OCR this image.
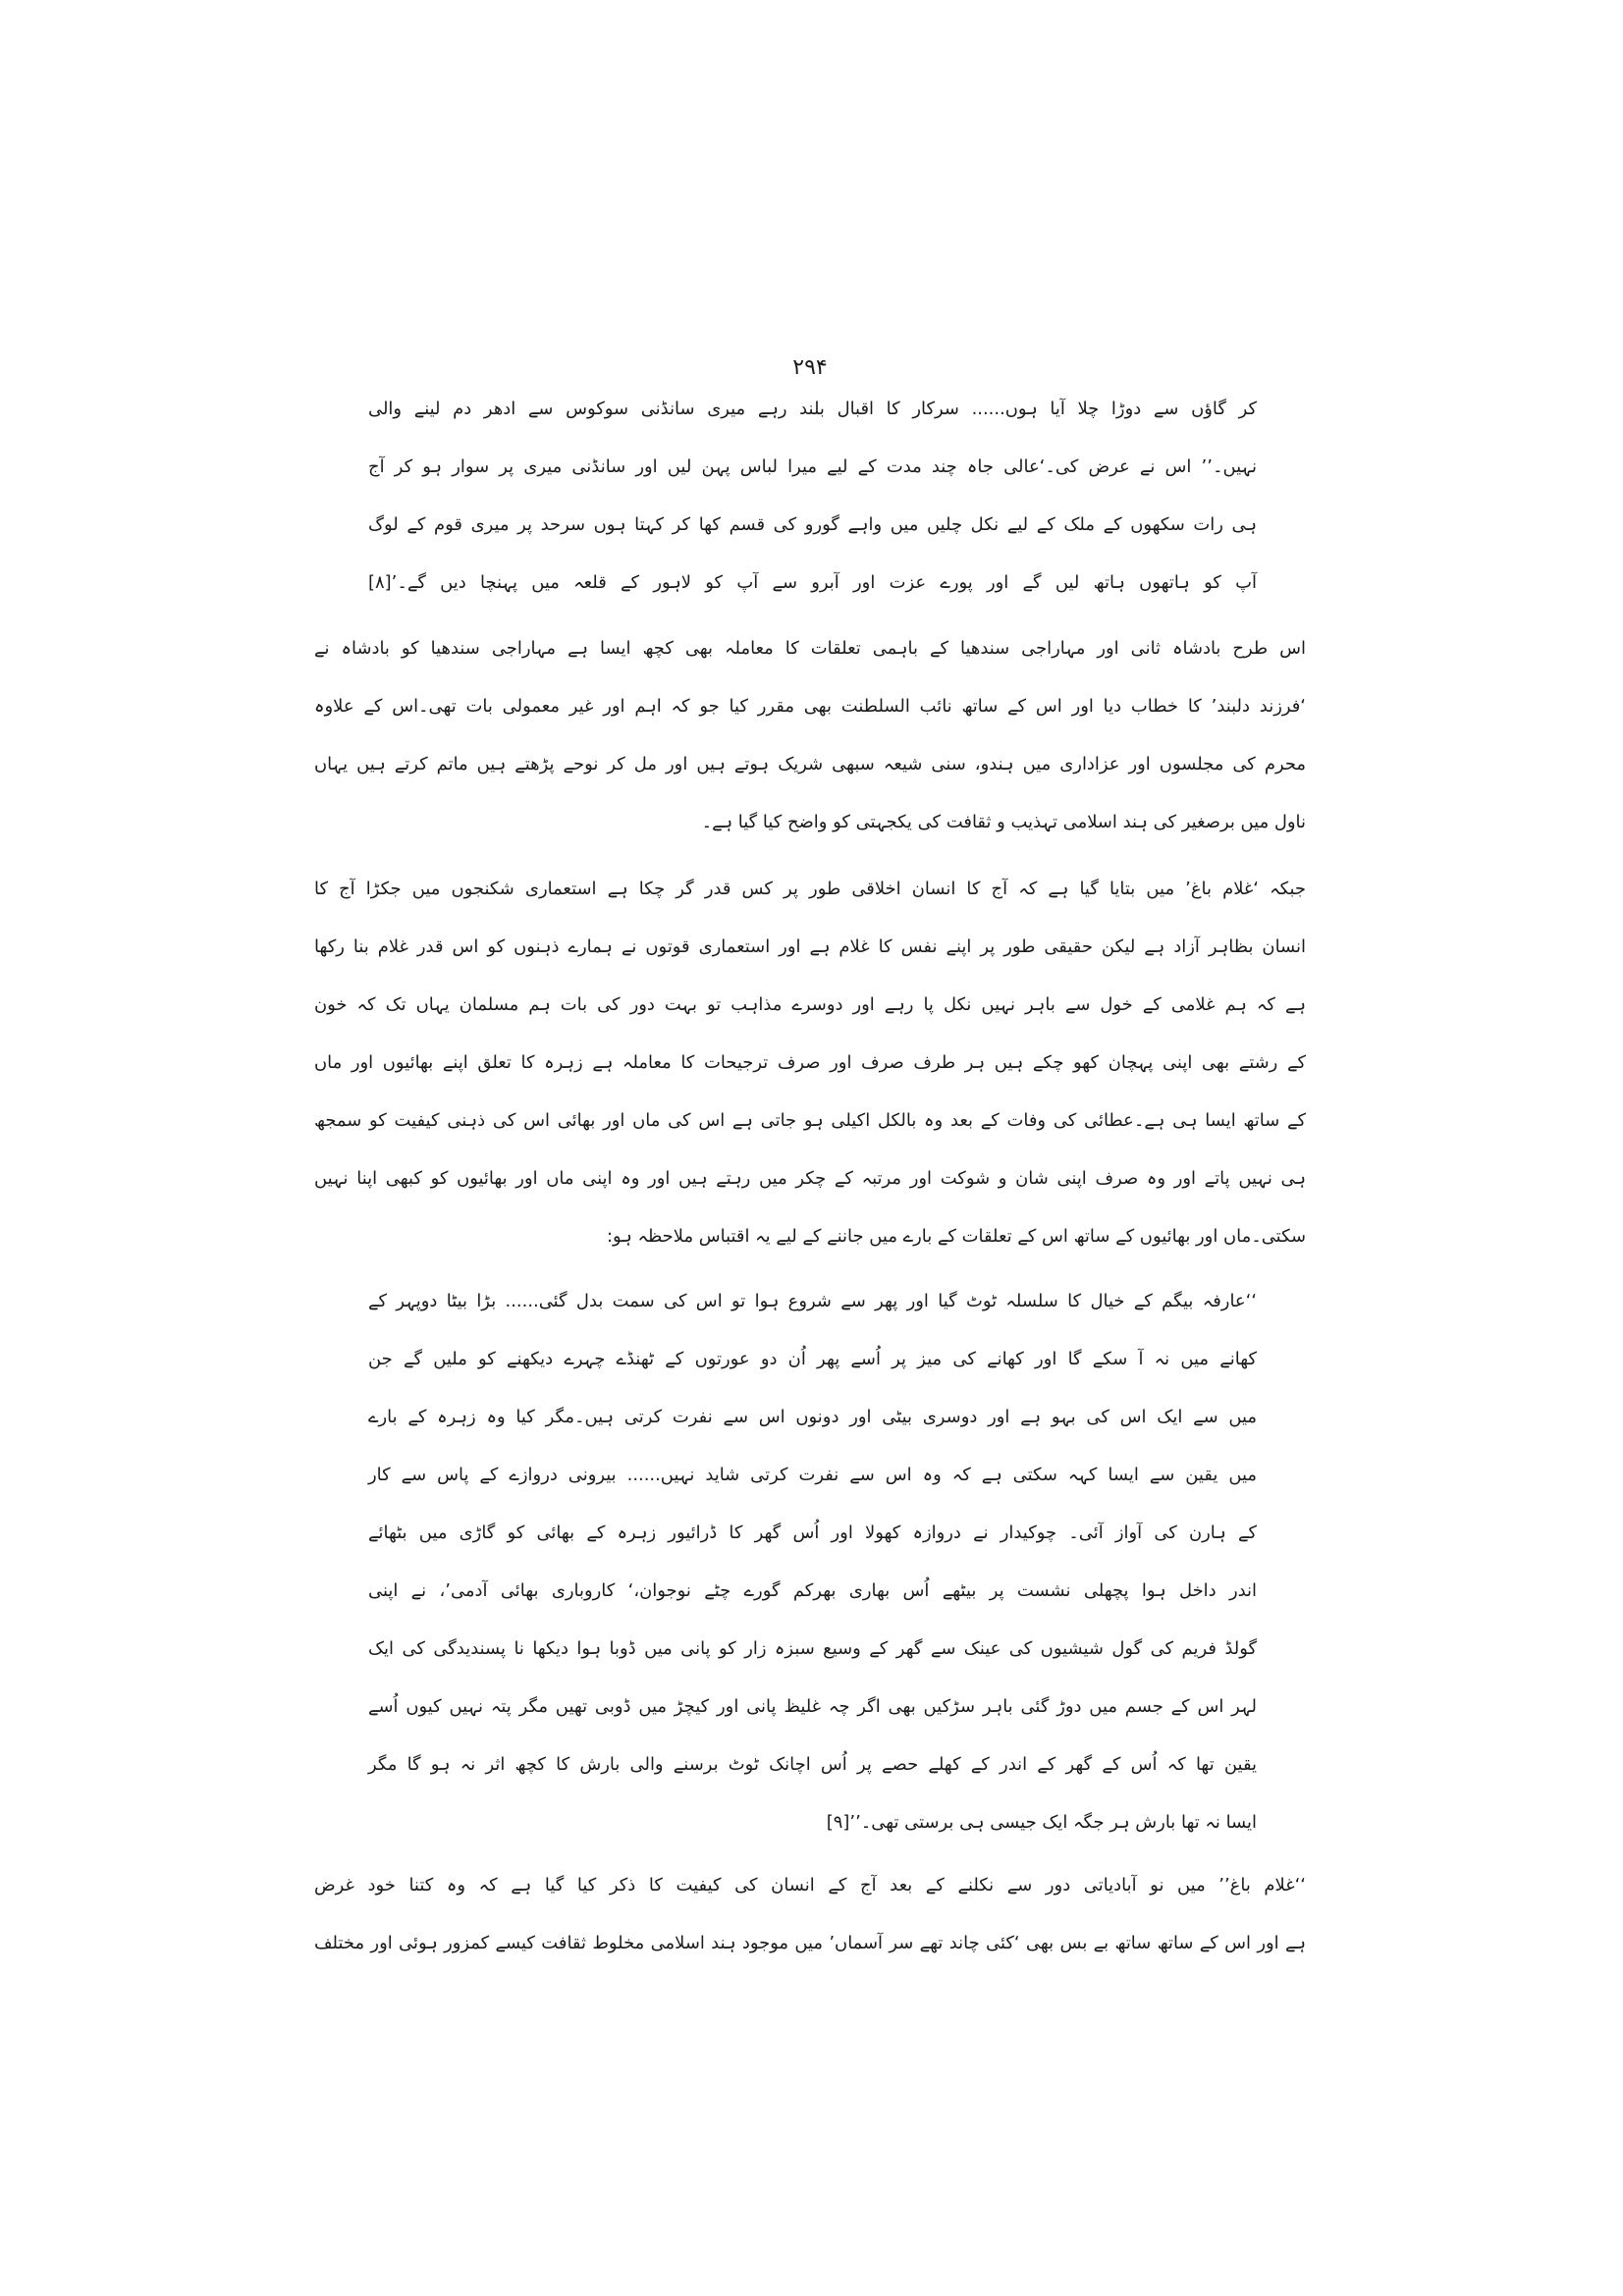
۲۹۴
کر گاؤں سے دوڑا چلا آیا ہوں...... سرکار کا اقبال بلند رہے میری سانڈنی سوکوس سے ادھر دم لینے والی
نہیں۔’’ اس نے عرض کی۔‘عالی جاہ چند مدت کے لیے میرا لباس پہن لیں اور سانڈنی میری پر سوار ہو کر آج
ہی رات سکھوں کے ملک کے لیے نکل چلیں میں واہے گورو کی قسم کھا کر کہتا ہوں سرحد پر میری قوم کے لوگ
آپ کو ہاتھوں ہاتھ لیں گے اور پورے عزت اور آبرو سے آپ کو لاہور کے قلعہ میں پہنچا دیں گے۔’[۸]
اس طرح بادشاہ ثانی اور مہاراجی سندھیا کے باہمی تعلقات کا معاملہ بھی کچھ ایسا ہے مہاراجی سندھیا کو بادشاہ نے
‘فرزند دلبند’ کا خطاب دیا اور اس کے ساتھ نائب السلطنت بھی مقرر کیا جو کہ اہم اور غیر معمولی بات تھی۔اس کے علاوہ
محرم کی مجلسوں اور عزاداری میں ہندو، سنی شیعہ سبھی شریک ہوتے ہیں اور مل کر نوحے پڑھتے ہیں ماتم کرتے ہیں یہاں
ناول میں برصغیر کی ہند اسلامی تہذیب و ثقافت کی یکجہتی کو واضح کیا گیا ہے۔
جبکہ ‘غلام باغ’ میں بتایا گیا ہے کہ آج کا انسان اخلاقی طور پر کس قدر گر چکا ہے استعماری شکنجوں میں جکڑا آج کا
انسان بظاہر آزاد ہے لیکن حقیقی طور پر اپنے نفس کا غلام ہے اور استعماری قوتوں نے ہمارے ذہنوں کو اس قدر غلام بنا رکھا
ہے کہ ہم غلامی کے خول سے باہر نہیں نکل پا رہے اور دوسرے مذاہب تو بہت دور کی بات ہم مسلمان یہاں تک کہ خون
کے رشتے بھی اپنی پہچان کھو چکے ہیں ہر طرف صرف اور صرف ترجیحات کا معاملہ ہے زہرہ کا تعلق اپنے بھائیوں اور ماں
کے ساتھ ایسا ہی ہے۔عطائی کی وفات کے بعد وہ بالکل اکیلی ہو جاتی ہے اس کی ماں اور بھائی اس کی ذہنی کیفیت کو سمجھ
ہی نہیں پاتے اور وہ صرف اپنی شان و شوکت اور مرتبہ کے چکر میں رہتے ہیں اور وہ اپنی ماں اور بھائیوں کو کبھی اپنا نہیں
سکتی۔ماں اور بھائیوں کے ساتھ اس کے تعلقات کے بارے میں جاننے کے لیے یہ اقتباس ملاحظہ ہو:
‘‘عارفہ بیگم کے خیال کا سلسلہ ٹوٹ گیا اور پھر سے شروع ہوا تو اس کی سمت بدل گئی...... بڑا بیٹا دوپہر کے
کھانے میں نہ آ سکے گا اور کھانے کی میز پر اُسے پھر اُن دو عورتوں کے ٹھنڈے چہرے دیکھنے کو ملیں گے جن
میں سے ایک اس کی بہو ہے اور دوسری بیٹی اور دونوں اس سے نفرت کرتی ہیں۔مگر کیا وہ زہرہ کے بارے
میں یقین سے ایسا کہہ سکتی ہے کہ وہ اس سے نفرت کرتی شاید نہیں...... بیرونی دروازے کے پاس سے کار
کے ہارن کی آواز آئی۔ چوکیدار نے دروازہ کھولا اور اُس گھر کا ڈرائیور زہرہ کے بھائی کو گاڑی میں بٹھائے
اندر داخل ہوا پچھلی نشست پر بیٹھے اُس بھاری بھرکم گورے چٹے نوجوان،‘ کاروباری بھائی آدمی’، نے اپنی
گولڈ فریم کی گول شیشیوں کی عینک سے گھر کے وسیع سبزہ زار کو پانی میں ڈوبا ہوا دیکھا نا پسندیدگی کی ایک
لہر اس کے جسم میں دوڑ گئی باہر سڑکیں بھی اگر چہ غلیظ پانی اور کیچڑ میں ڈوبی تھیں مگر پتہ نہیں کیوں اُسے
یقین تھا کہ اُس کے گھر کے اندر کے کھلے حصے پر اُس اچانک ٹوٹ برسنے والی بارش کا کچھ اثر نہ ہو گا مگر
ایسا نہ تھا بارش ہر جگہ ایک جیسی ہی برستی تھی۔’’[۹]
‘‘غلام باغ’’ میں نو آبادیاتی دور سے نکلنے کے بعد آج کے انسان کی کیفیت کا ذکر کیا گیا ہے کہ وہ کتنا خود غرض
ہے اور اس کے ساتھ ساتھ بے بس بھی ‘کئی چاند تھے سر آسماں’ میں موجود ہند اسلامی مخلوط ثقافت کیسے کمزور ہوئی اور مختلف
